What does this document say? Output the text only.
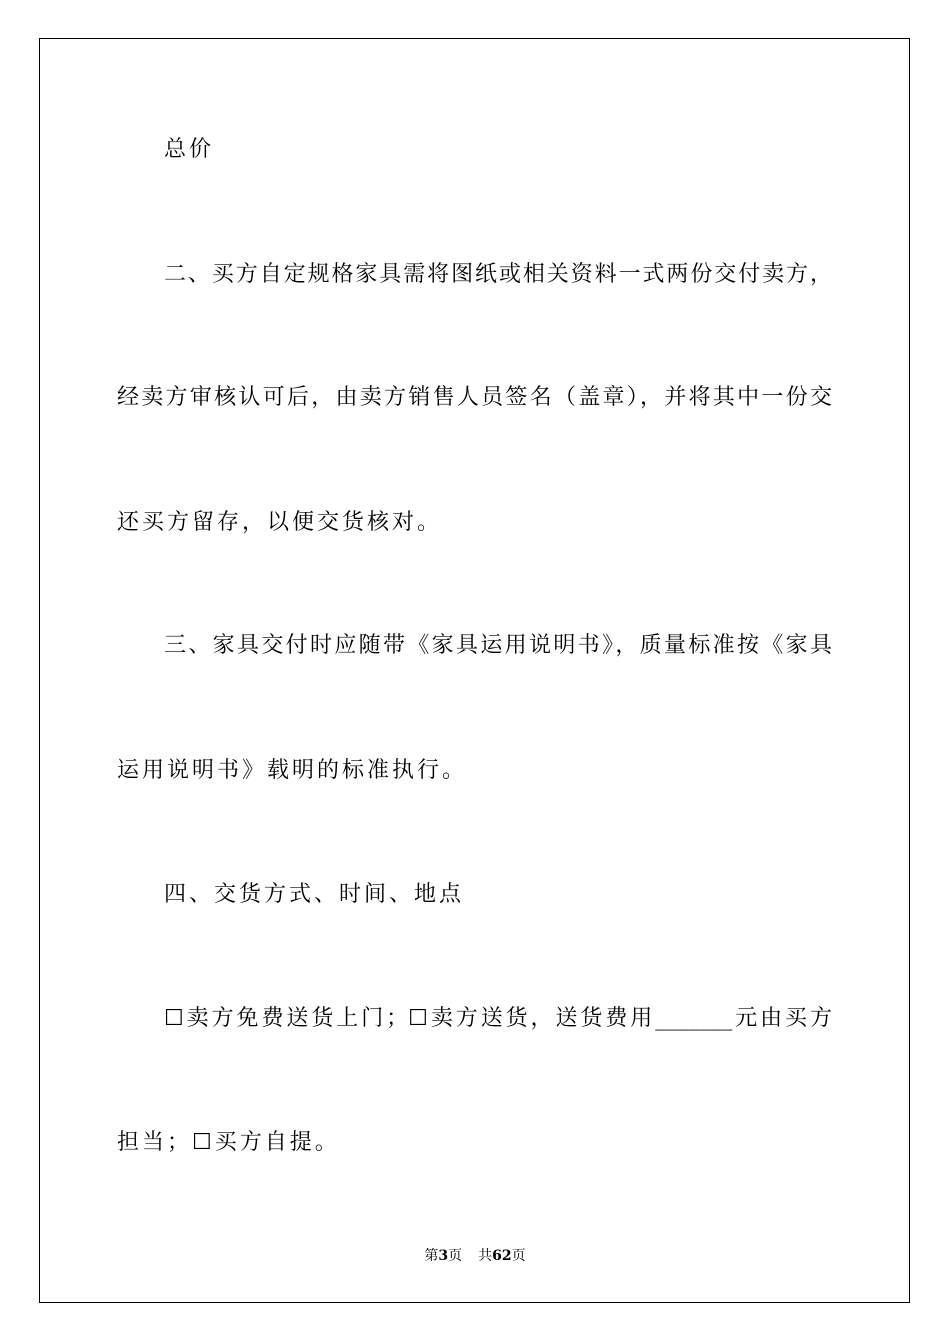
总价
二、买方自定规格家具需将图纸或相关资料一式两份交付卖方，
经卖方审核认可后，由卖方销售人员签名（盖章），并将其中一份交
还买方留存，以便交货核对。
三、家具交付时应随带《家具运用说明书》，质量标准按《家具
运用说明书》载明的标准执行。
四、交货方式、时间、地点
☐卖方免费送货上门；☐卖方送货，送货费用_______元由买方
担当；☐买方自提。
第3页 共62页
